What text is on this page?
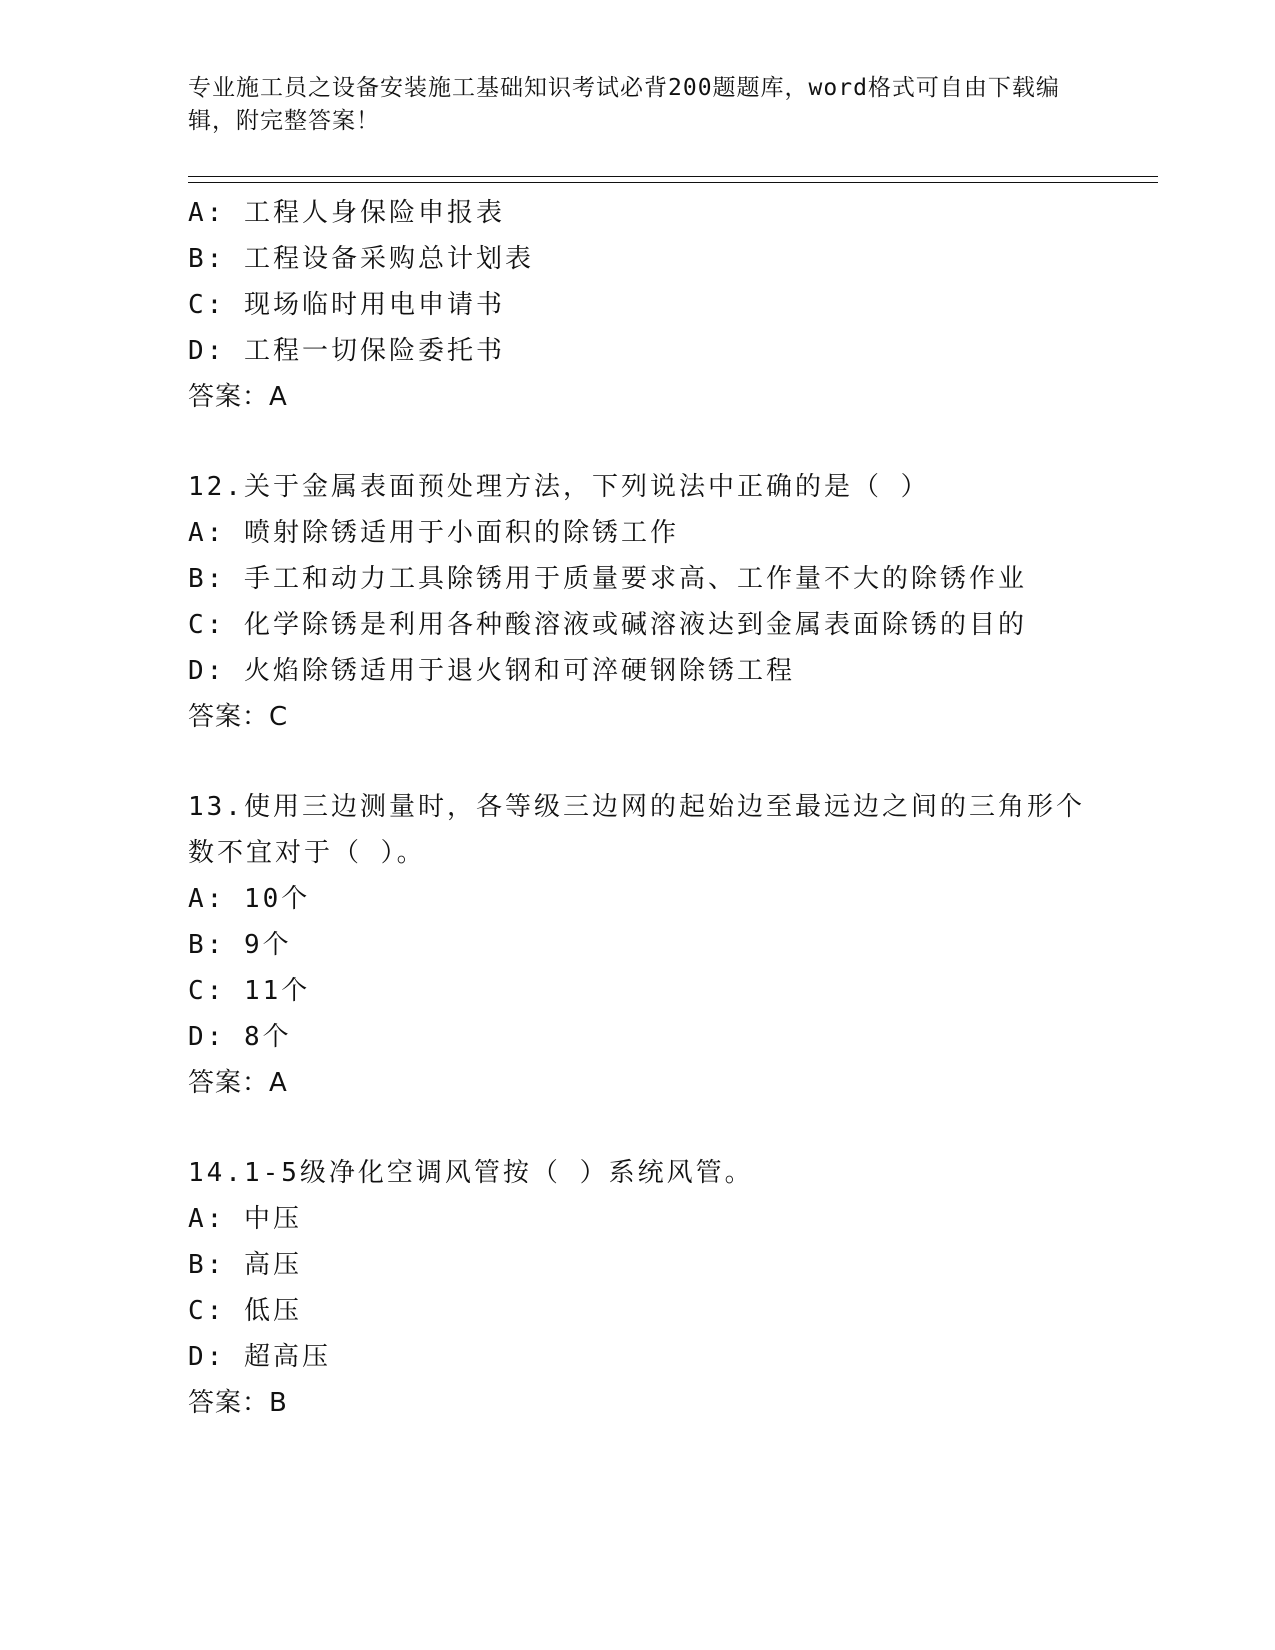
专业施工员之设备安装施工基础知识考试必背200题题库，word格式可自由下载编辑，附完整答案！
A: 工程人身保险申报表
B: 工程设备采购总计划表
C: 现场临时用电申请书
D: 工程一切保险委托书
答案：A
12.关于金属表面预处理方法，下列说法中正确的是（ ）
A: 喷射除锈适用于小面积的除锈工作
B: 手工和动力工具除锈用于质量要求高、工作量不大的除锈作业
C: 化学除锈是利用各种酸溶液或碱溶液达到金属表面除锈的目的
D: 火焰除锈适用于退火钢和可淬硬钢除锈工程
答案：C
13.使用三边测量时，各等级三边网的起始边至最远边之间的三角形个数不宜对于（ ）。
A: 10个
B: 9个
C: 11个
D: 8个
答案：A
14.1-5级净化空调风管按（ ）系统风管。
A: 中压
B: 高压
C: 低压
D: 超高压
答案：B
